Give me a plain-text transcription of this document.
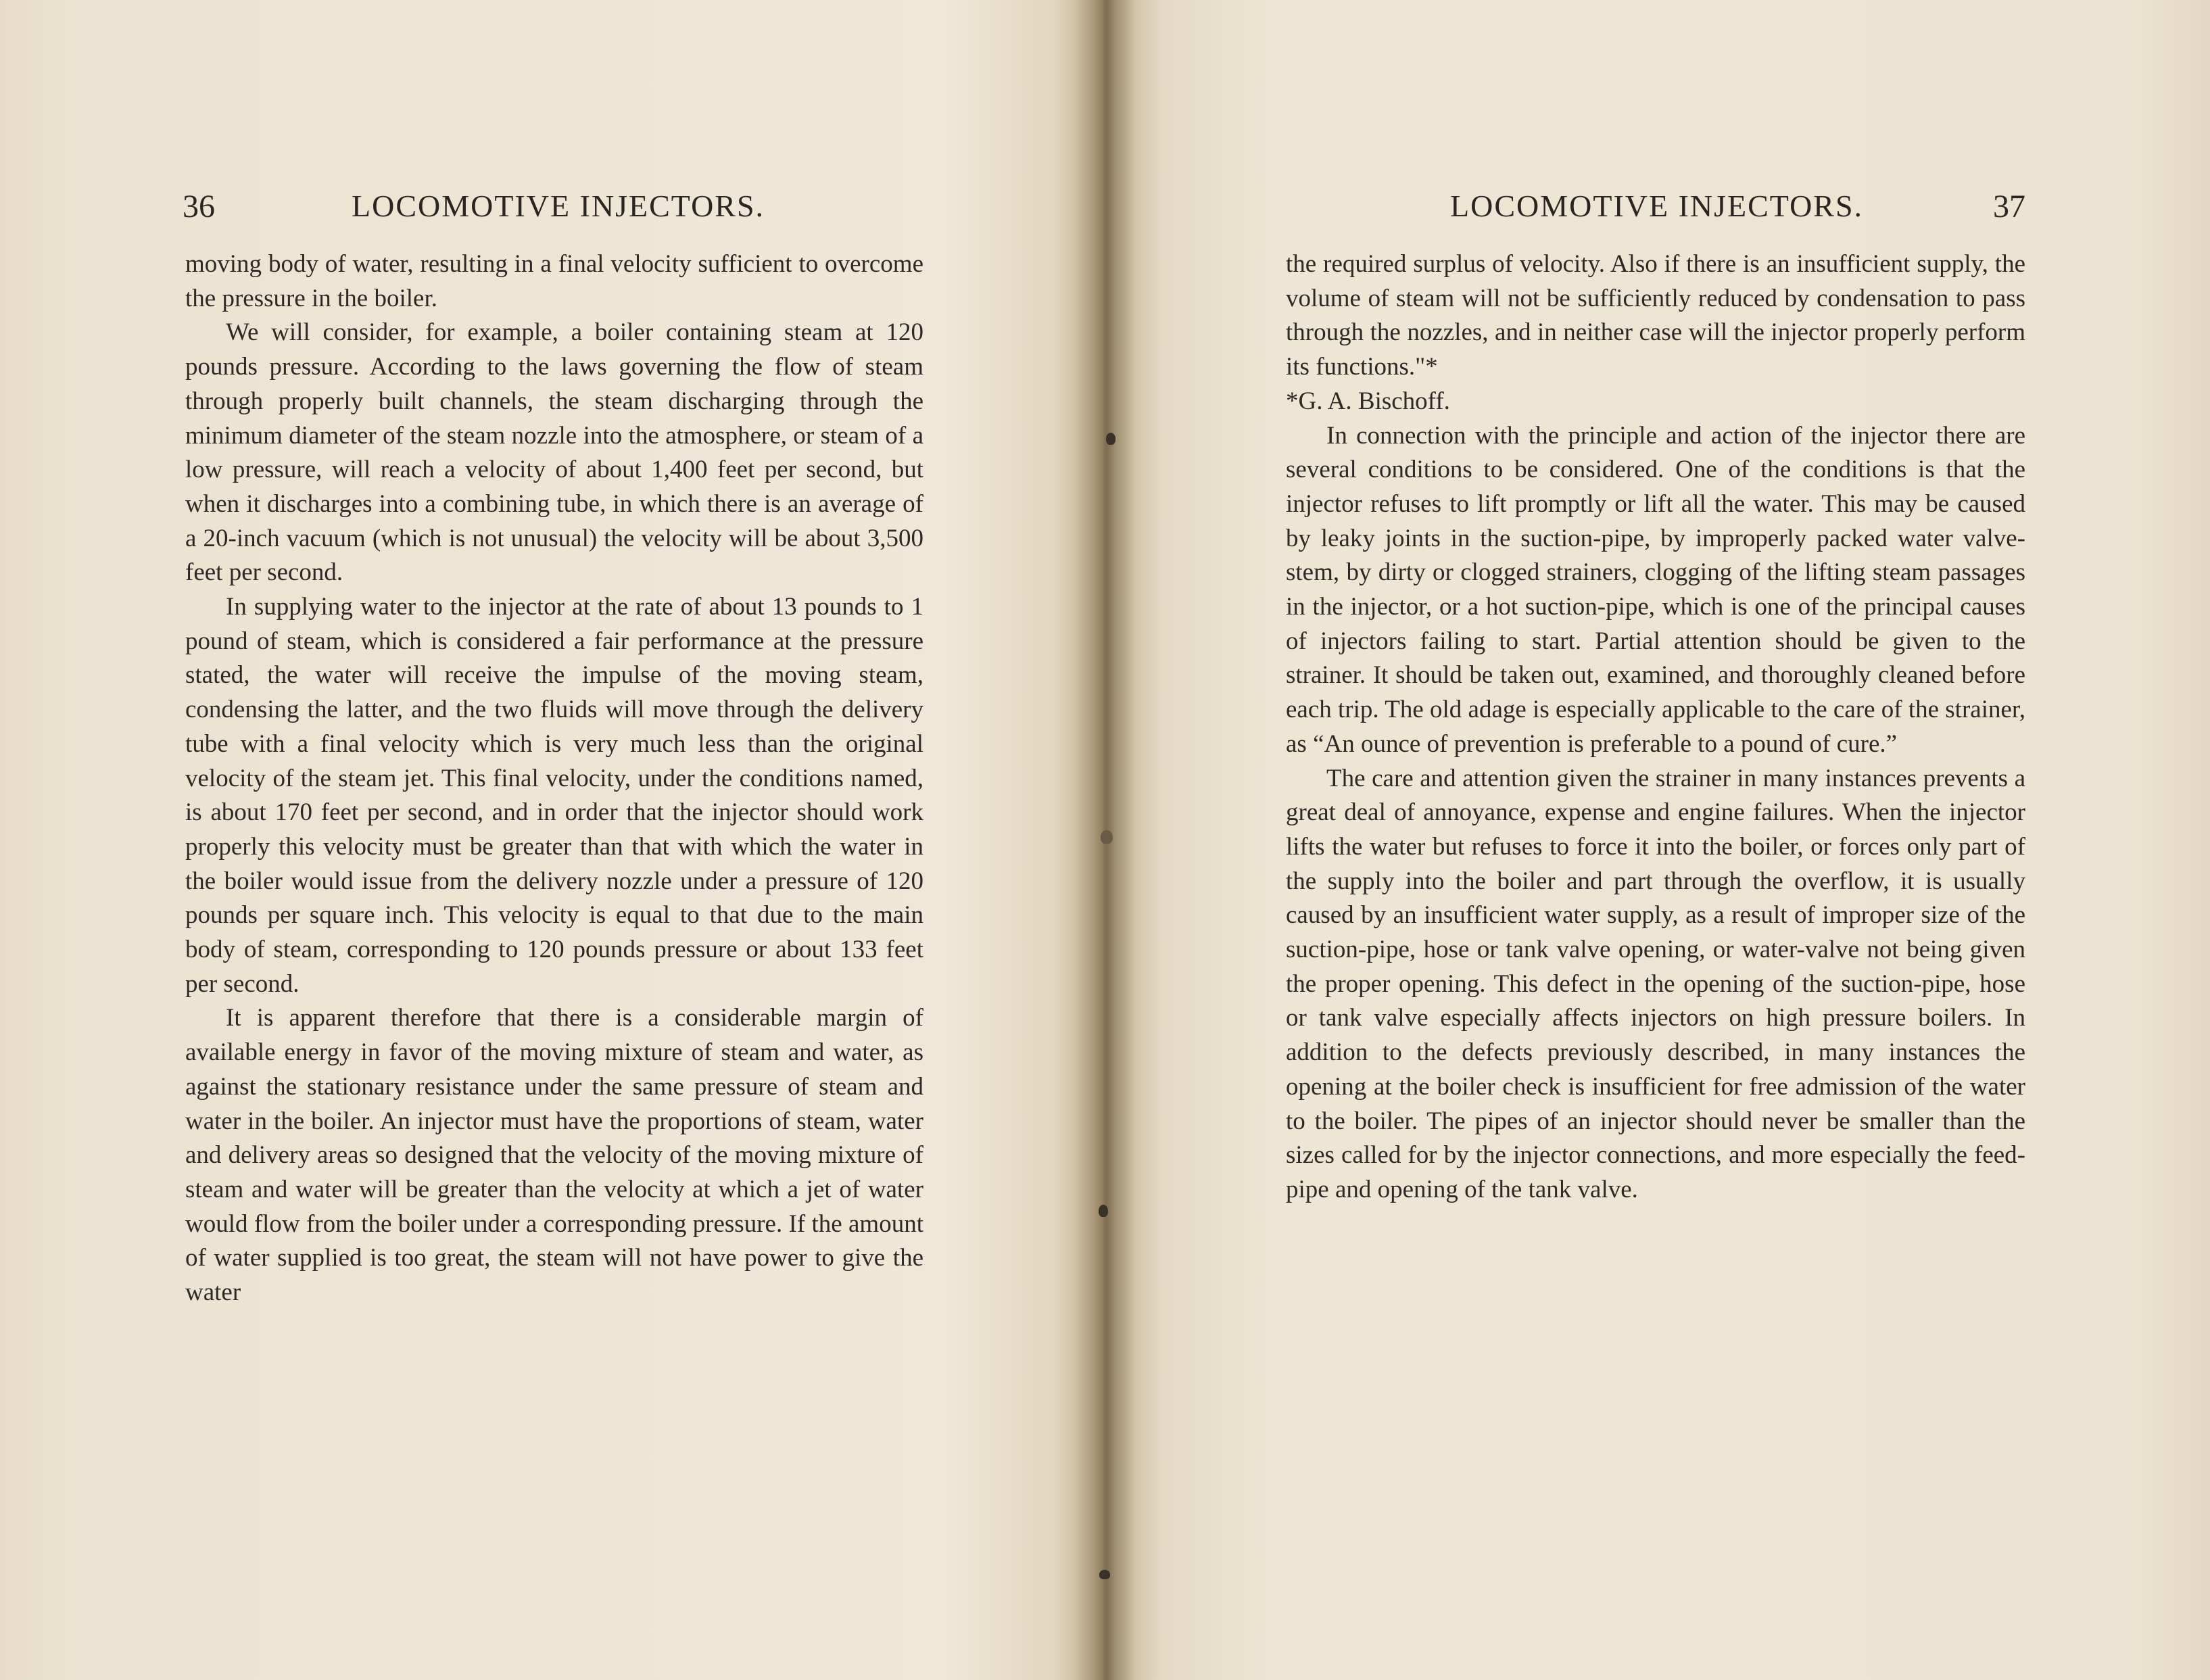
36	LOCOMOTIVE INJECTORS.

moving body of water, resulting in a final velocity sufficient to overcome the pressure in the boiler.

We will consider, for example, a boiler containing steam at 120 pounds pressure. According to the laws governing the flow of steam through properly built channels, the steam discharging through the minimum diameter of the steam nozzle into the atmosphere, or steam of a low pressure, will reach a velocity of about 1,400 feet per second, but when it discharges into a combining tube, in which there is an average of a 20-inch vacuum (which is not unusual) the velocity will be about 3,500 feet per second.

In supplying water to the injector at the rate of about 13 pounds to 1 pound of steam, which is considered a fair performance at the pressure stated, the water will receive the impulse of the moving steam, condensing the latter, and the two fluids will move through the delivery tube with a final velocity which is very much less than the original velocity of the steam jet. This final velocity, under the conditions named, is about 170 feet per second, and in order that the injector should work properly this velocity must be greater than that with which the water in the boiler would issue from the delivery nozzle under a pressure of 120 pounds per square inch. This velocity is equal to that due to the main body of steam, corresponding to 120 pounds pressure or about 133 feet per second.

It is apparent therefore that there is a considerable margin of available energy in favor of the moving mixture of steam and water, as against the stationary resistance under the same pressure of steam and water in the boiler. An injector must have the proportions of steam, water and delivery areas so designed that the velocity of the moving mixture of steam and water will be greater than the velocity at which a jet of water would flow from the boiler under a corresponding pressure. If the amount of water supplied is too great, the steam will not have power to give the water

LOCOMOTIVE INJECTORS.	37

the required surplus of velocity. Also if there is an insufficient supply, the volume of steam will not be sufficiently reduced by condensation to pass through the nozzles, and in neither case will the injector properly perform its functions."*

*G. A. Bischoff.

In connection with the principle and action of the injector there are several conditions to be considered. One of the conditions is that the injector refuses to lift promptly or lift all the water. This may be caused by leaky joints in the suction-pipe, by improperly packed water valve-stem, by dirty or clogged strainers, clogging of the lifting steam passages in the injector, or a hot suction-pipe, which is one of the principal causes of injectors failing to start. Partial attention should be given to the strainer. It should be taken out, examined, and thoroughly cleaned before each trip. The old adage is especially applicable to the care of the strainer, as “An ounce of prevention is preferable to a pound of cure.”

The care and attention given the strainer in many instances prevents a great deal of annoyance, expense and engine failures. When the injector lifts the water but refuses to force it into the boiler, or forces only part of the supply into the boiler and part through the overflow, it is usually caused by an insufficient water supply, as a result of improper size of the suction-pipe, hose or tank valve opening, or water-valve not being given the proper opening. This defect in the opening of the suction-pipe, hose or tank valve especially affects injectors on high pressure boilers. In addition to the defects previously described, in many instances the opening at the boiler check is insufficient for free admission of the water to the boiler. The pipes of an injector should never be smaller than the sizes called for by the injector connections, and more especially the feed-pipe and opening of the tank valve.
